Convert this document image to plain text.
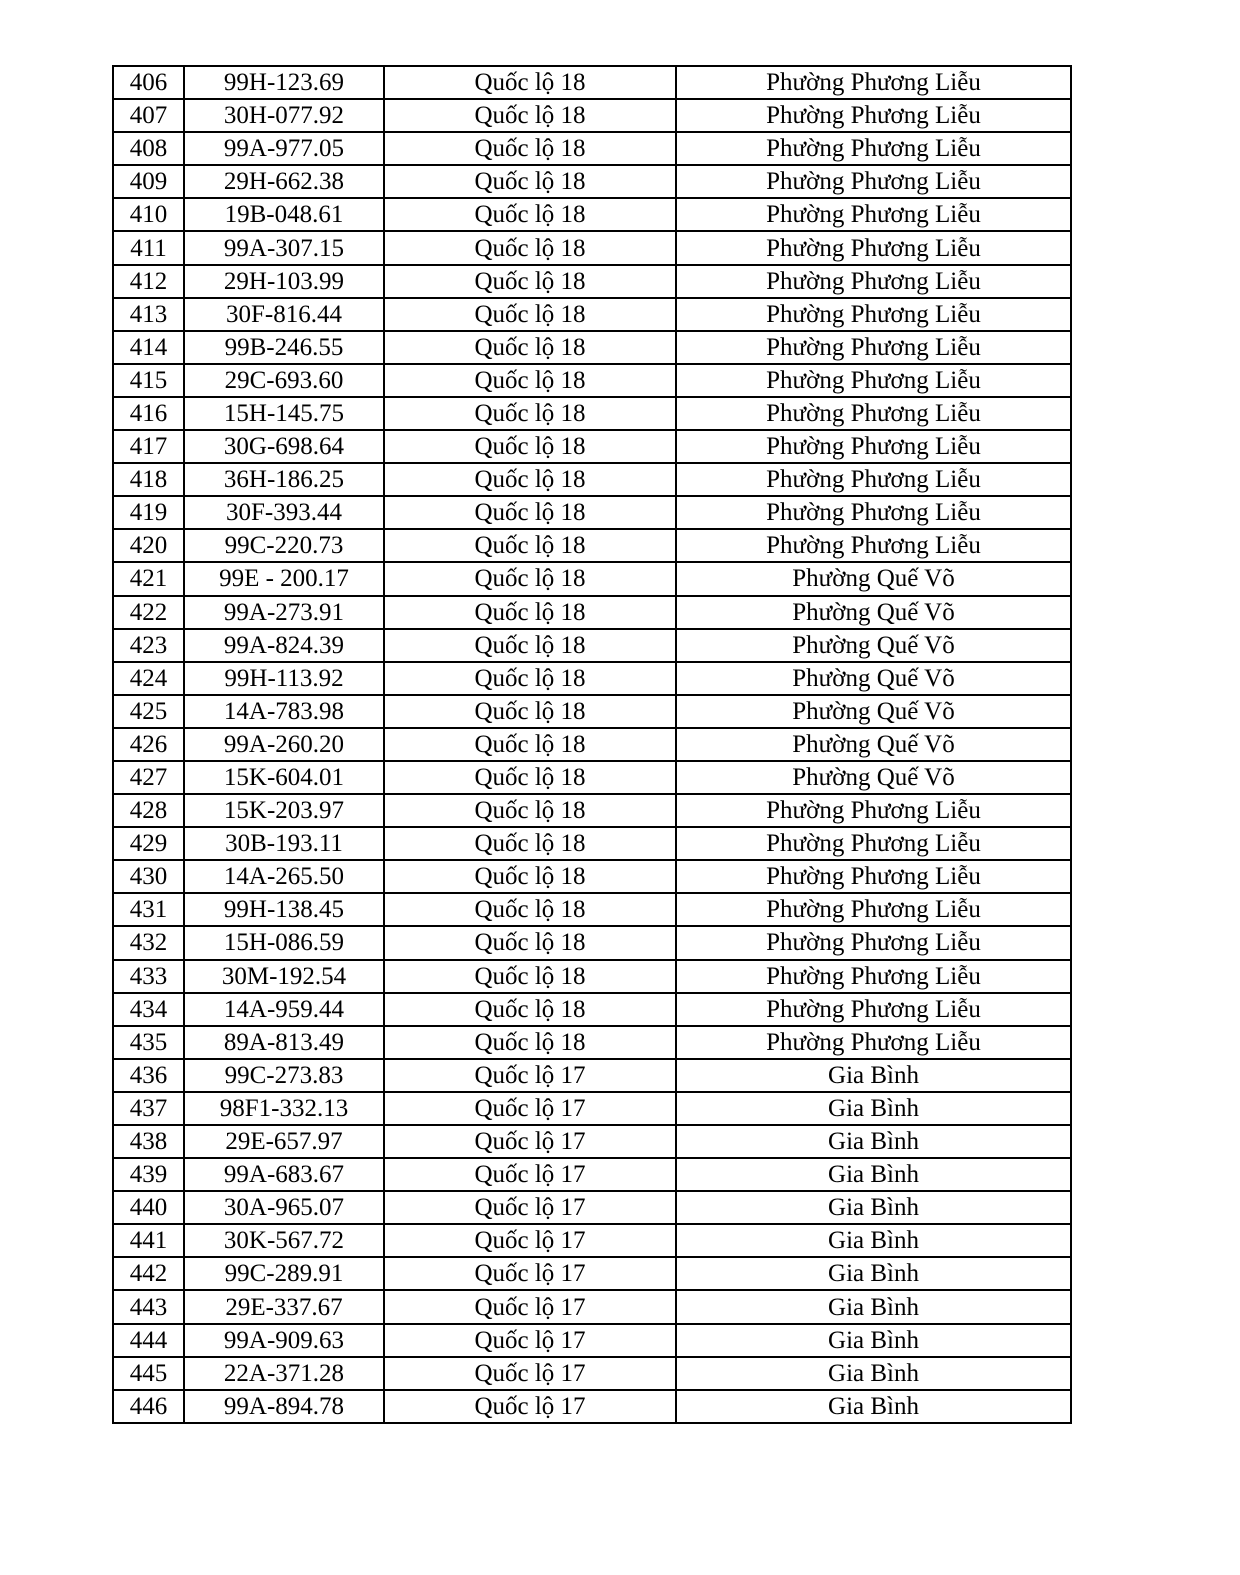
406	99H-123.69	Quốc lộ 18	Phường Phương Liễu
407	30H-077.92	Quốc lộ 18	Phường Phương Liễu
408	99A-977.05	Quốc lộ 18	Phường Phương Liễu
409	29H-662.38	Quốc lộ 18	Phường Phương Liễu
410	19B-048.61	Quốc lộ 18	Phường Phương Liễu
411	99A-307.15	Quốc lộ 18	Phường Phương Liễu
412	29H-103.99	Quốc lộ 18	Phường Phương Liễu
413	30F-816.44	Quốc lộ 18	Phường Phương Liễu
414	99B-246.55	Quốc lộ 18	Phường Phương Liễu
415	29C-693.60	Quốc lộ 18	Phường Phương Liễu
416	15H-145.75	Quốc lộ 18	Phường Phương Liễu
417	30G-698.64	Quốc lộ 18	Phường Phương Liễu
418	36H-186.25	Quốc lộ 18	Phường Phương Liễu
419	30F-393.44	Quốc lộ 18	Phường Phương Liễu
420	99C-220.73	Quốc lộ 18	Phường Phương Liễu
421	99E - 200.17	Quốc lộ 18	Phường Quế Võ
422	99A-273.91	Quốc lộ 18	Phường Quế Võ
423	99A-824.39	Quốc lộ 18	Phường Quế Võ
424	99H-113.92	Quốc lộ 18	Phường Quế Võ
425	14A-783.98	Quốc lộ 18	Phường Quế Võ
426	99A-260.20	Quốc lộ 18	Phường Quế Võ
427	15K-604.01	Quốc lộ 18	Phường Quế Võ
428	15K-203.97	Quốc lộ 18	Phường Phương Liễu
429	30B-193.11	Quốc lộ 18	Phường Phương Liễu
430	14A-265.50	Quốc lộ 18	Phường Phương Liễu
431	99H-138.45	Quốc lộ 18	Phường Phương Liễu
432	15H-086.59	Quốc lộ 18	Phường Phương Liễu
433	30M-192.54	Quốc lộ 18	Phường Phương Liễu
434	14A-959.44	Quốc lộ 18	Phường Phương Liễu
435	89A-813.49	Quốc lộ 18	Phường Phương Liễu
436	99C-273.83	Quốc lộ 17	Gia Bình
437	98F1-332.13	Quốc lộ 17	Gia Bình
438	29E-657.97	Quốc lộ 17	Gia Bình
439	99A-683.67	Quốc lộ 17	Gia Bình
440	30A-965.07	Quốc lộ 17	Gia Bình
441	30K-567.72	Quốc lộ 17	Gia Bình
442	99C-289.91	Quốc lộ 17	Gia Bình
443	29E-337.67	Quốc lộ 17	Gia Bình
444	99A-909.63	Quốc lộ 17	Gia Bình
445	22A-371.28	Quốc lộ 17	Gia Bình
446	99A-894.78	Quốc lộ 17	Gia Bình
